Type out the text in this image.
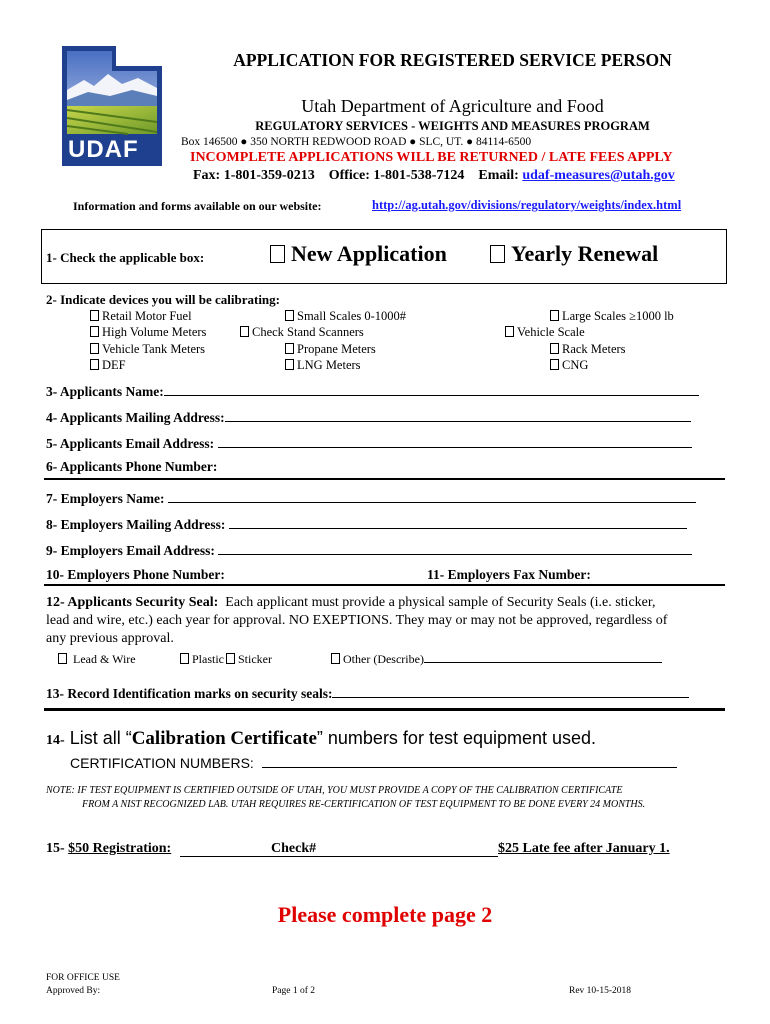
UDAF
APPLICATION FOR REGISTERED SERVICE PERSON
Utah Department of Agriculture and Food
REGULATORY SERVICES - WEIGHTS AND MEASURES PROGRAM
Box 146500 ● 350 NORTH REDWOOD ROAD ● SLC, UT. ● 84114-6500
INCOMPLETE APPLICATIONS WILL BE RETURNED / LATE FEES APPLY
Fax: 1-801-359-0213 Office: 1-801-538-7124 Email: udaf-measures@utah.gov
Information and forms available on our website:	http://ag.utah.gov/divisions/regulatory/weights/index.html
1- Check the applicable box:	New Application	Yearly Renewal
2- Indicate devices you will be calibrating:
Retail Motor Fuel	Small Scales 0-1000#	Large Scales ≥1000 lb
High Volume Meters	Check Stand Scanners	Vehicle Scale
Vehicle Tank Meters	Propane Meters	Rack Meters
DEF	LNG Meters	CNG
3- Applicants Name:
4- Applicants Mailing Address:
5- Applicants Email Address:
6- Applicants Phone Number:
7- Employers Name:
8- Employers Mailing Address:
9- Employers Email Address:
10- Employers Phone Number:	11- Employers Fax Number:
12- Applicants Security Seal: Each applicant must provide a physical sample of Security Seals (i.e. sticker,
lead and wire, etc.) each year for approval. NO EXEPTIONS. They may or may not be approved, regardless of
any previous approval.
Lead & Wire	Plastic	Sticker	Other (Describe)
13- Record Identification marks on security seals:
14- List all “Calibration Certificate” numbers for test equipment used.
CERTIFICATION NUMBERS:
NOTE: IF TEST EQUIPMENT IS CERTIFIED OUTSIDE OF UTAH, YOU MUST PROVIDE A COPY OF THE CALIBRATION CERTIFICATE
FROM A NIST RECOGNIZED LAB. UTAH REQUIRES RE-CERTIFICATION OF TEST EQUIPMENT TO BE DONE EVERY 24 MONTHS.
15- $50 Registration:	Check#	$25 Late fee after January 1.
Please complete page 2
FOR OFFICE USE
Approved By:	Page 1 of 2	Rev 10-15-2018
